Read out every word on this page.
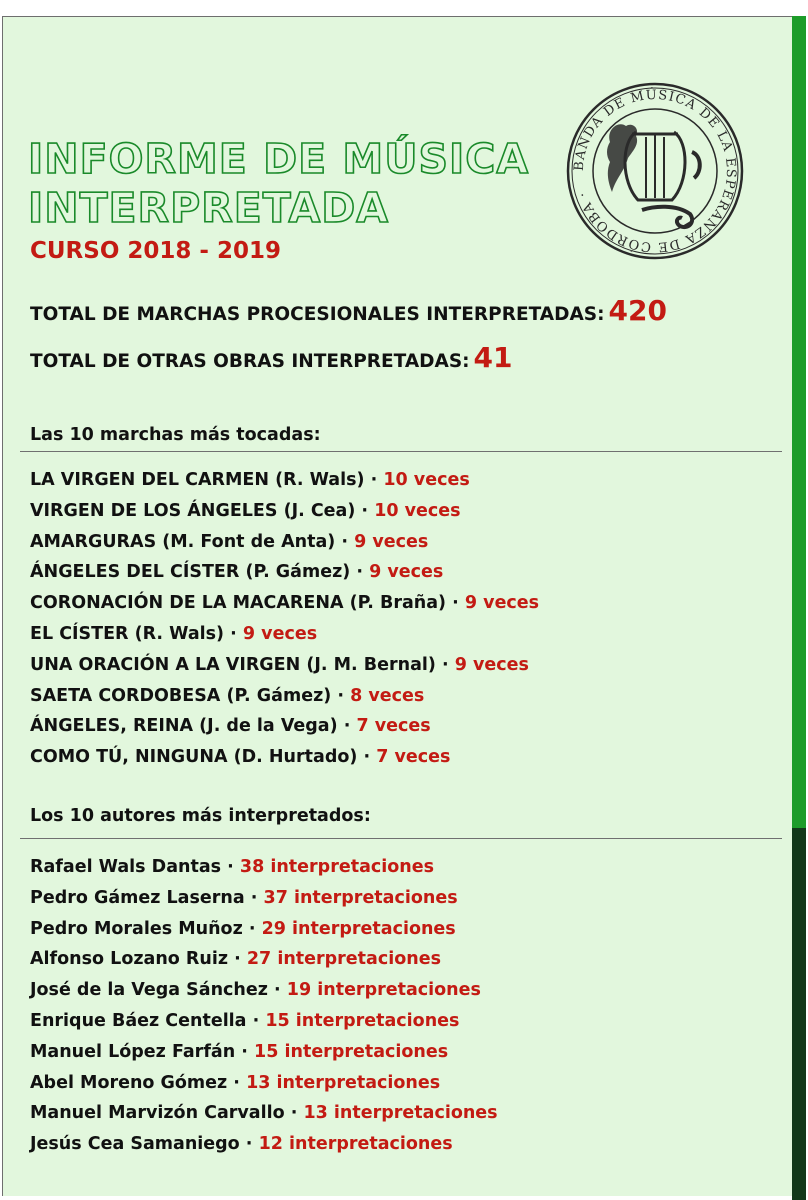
INFORME DE MÚSICA
INTERPRETADA
CURSO 2018 - 2019
BANDA DE MÚSICA DE LA ESPERANZA DE CÓRDOBA ·
TOTAL DE MARCHAS PROCESIONALES INTERPRETADAS: 420
TOTAL DE OTRAS OBRAS INTERPRETADAS: 41
Las 10 marchas más tocadas:
LA VIRGEN DEL CARMEN (R. Wals) · 10 veces
VIRGEN DE LOS ÁNGELES (J. Cea) · 10 veces
AMARGURAS (M. Font de Anta) · 9 veces
ÁNGELES DEL CÍSTER (P. Gámez) · 9 veces
CORONACIÓN DE LA MACARENA (P. Braña) · 9 veces
EL CÍSTER (R. Wals) · 9 veces
UNA ORACIÓN A LA VIRGEN (J. M. Bernal) · 9 veces
SAETA CORDOBESA (P. Gámez) · 8 veces
ÁNGELES, REINA (J. de la Vega) · 7 veces
COMO TÚ, NINGUNA (D. Hurtado) · 7 veces
Los 10 autores más interpretados:
Rafael Wals Dantas · 38 interpretaciones
Pedro Gámez Laserna · 37 interpretaciones
Pedro Morales Muñoz · 29 interpretaciones
Alfonso Lozano Ruiz · 27 interpretaciones
José de la Vega Sánchez · 19 interpretaciones
Enrique Báez Centella · 15 interpretaciones
Manuel López Farfán · 15 interpretaciones
Abel Moreno Gómez · 13 interpretaciones
Manuel Marvizón Carvallo · 13 interpretaciones
Jesús Cea Samaniego · 12 interpretaciones
